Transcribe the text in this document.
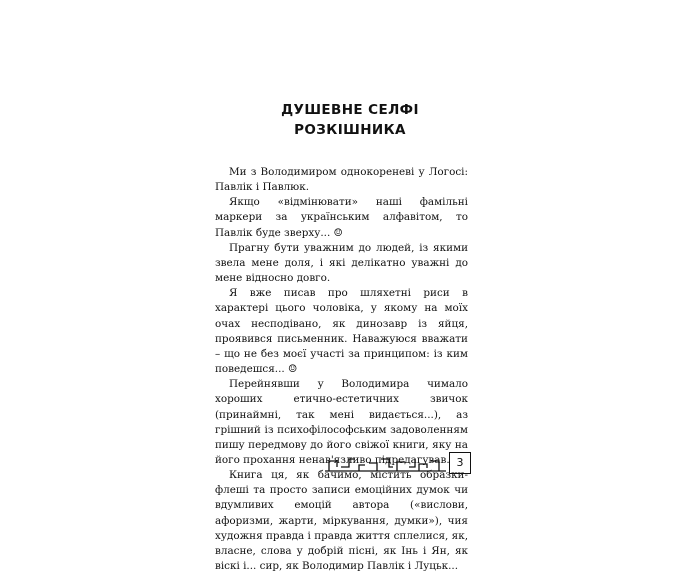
ДУШЕВНЕ СЕЛФІ
РОЗКІШНИКА

Ми з Володимиром однокореневі у Логосі: Павлік і Павлюк.

Якщо «відмінювати» наші фамільні маркери за українським алфавітом, то Павлік буде зверху... ☺

Прагну бути уважним до людей, із якими звела мене доля, і які делікатно уважні до мене відносно довго.

Я вже писав про шляхетні риси в характері цього чоловіка, у якому на моїх очах несподівано, як динозавр із яйця, проявився письменник. Наважуюся вважати – що не без моєї участі за принципом: із ким поведешся... ☺

Перейнявши у Володимира чимало хороших етично-естетичних звичок (принаймні, так мені видається...), аз грішний із психофілософським задоволенням пишу передмову до його свіжої книги, яку на його прохання ненав'язливо підредагував.

Книга ця, як бачимо, містить образки-флеші та просто записи емоційних думок чи вдумливих емоцій автора («вислови, афоризми, жарти, міркування, думки»), чия художня правда і правда життя сплелися, як, власне, слова у добрій пісні, як Інь і Ян, як віскі і... сир, як Володимир Павлік і Луцьк...

3
